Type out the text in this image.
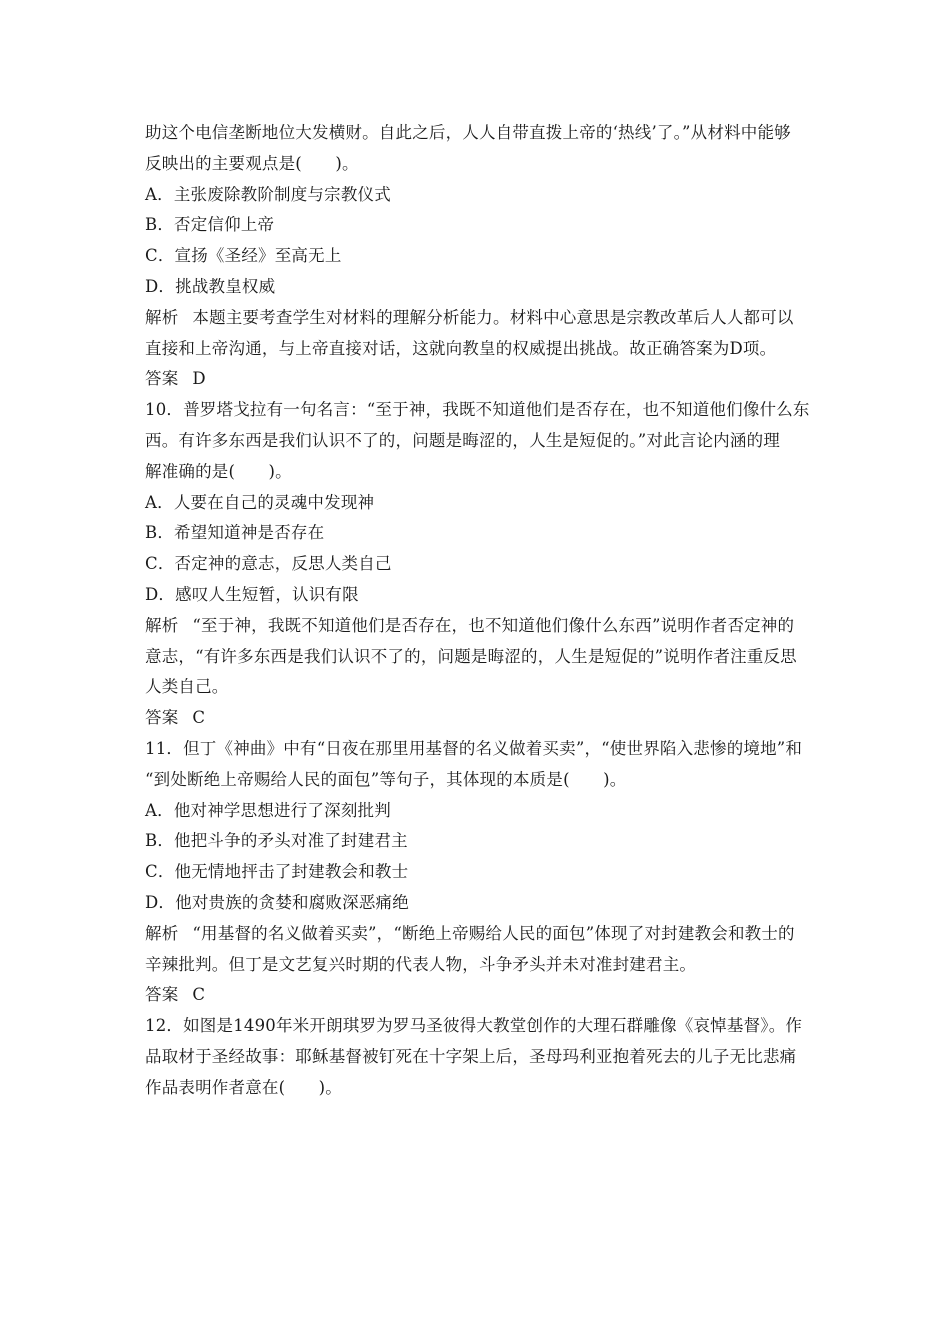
助这个电信垄断地位大发横财。自此之后，人人自带直拨上帝的‘热线’了。”从材料中能够
反映出的主要观点是(　　)。
A．主张废除教阶制度与宗教仪式
B．否定信仰上帝
C．宣扬《圣经》至高无上
D．挑战教皇权威
解析 本题主要考查学生对材料的理解分析能力。材料中心意思是宗教改革后人人都可以
直接和上帝沟通，与上帝直接对话，这就向教皇的权威提出挑战。故正确答案为D项。
答案 D
10．普罗塔戈拉有一句名言：“至于神，我既不知道他们是否存在，也不知道他们像什么东
西。有许多东西是我们认识不了的，问题是晦涩的，人生是短促的。”对此言论内涵的理
解准确的是(　　)。
A．人要在自己的灵魂中发现神
B．希望知道神是否存在
C．否定神的意志，反思人类自己
D．感叹人生短暂，认识有限
解析 “至于神，我既不知道他们是否存在，也不知道他们像什么东西”说明作者否定神的
意志，“有许多东西是我们认识不了的，问题是晦涩的，人生是短促的”说明作者注重反思
人类自己。
答案 C
11．但丁《神曲》中有“日夜在那里用基督的名义做着买卖”，“使世界陷入悲惨的境地”和
“到处断绝上帝赐给人民的面包”等句子，其体现的本质是(　　)。
A．他对神学思想进行了深刻批判
B．他把斗争的矛头对准了封建君主
C．他无情地抨击了封建教会和教士
D．他对贵族的贪婪和腐败深恶痛绝
解析 “用基督的名义做着买卖”，“断绝上帝赐给人民的面包”体现了对封建教会和教士的
辛辣批判。但丁是文艺复兴时期的代表人物，斗争矛头并未对准封建君主。
答案 C
12．如图是1490年米开朗琪罗为罗马圣彼得大教堂创作的大理石群雕像《哀悼基督》。作
品取材于圣经故事：耶稣基督被钉死在十字架上后，圣母玛利亚抱着死去的儿子无比悲痛
作品表明作者意在(　　)。
